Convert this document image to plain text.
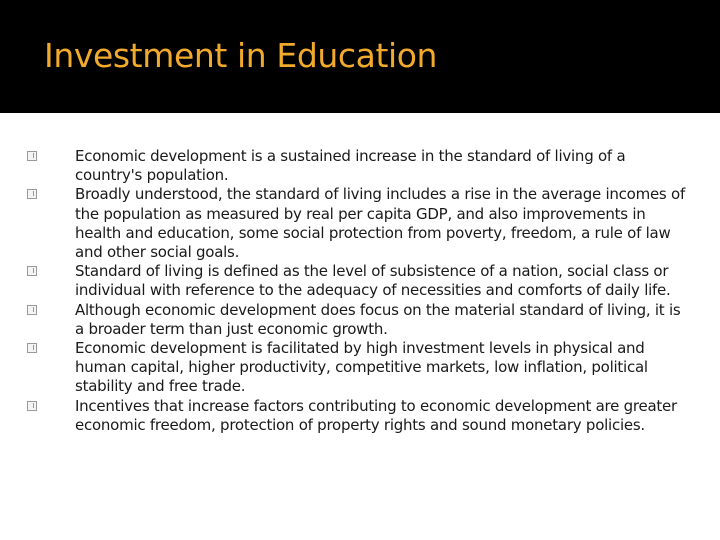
Investment in Education
Economic development is a sustained increase in the standard of living of a country's population.
Broadly understood, the standard of living includes a rise in the average incomes of the population as measured by real per capita GDP, and also improvements in health and education, some social protection from poverty, freedom, a rule of law and other social goals.
Standard of living is defined as the level of subsistence of a nation, social class or individual with reference to the adequacy of necessities and comforts of daily life.
Although economic development does focus on the material standard of living, it is a broader term than just economic growth.
Economic development is facilitated by high investment levels in physical and human capital, higher productivity, competitive markets, low inflation, political stability and free trade.
Incentives that increase factors contributing to economic development are greater economic freedom, protection of property rights and sound monetary policies.
